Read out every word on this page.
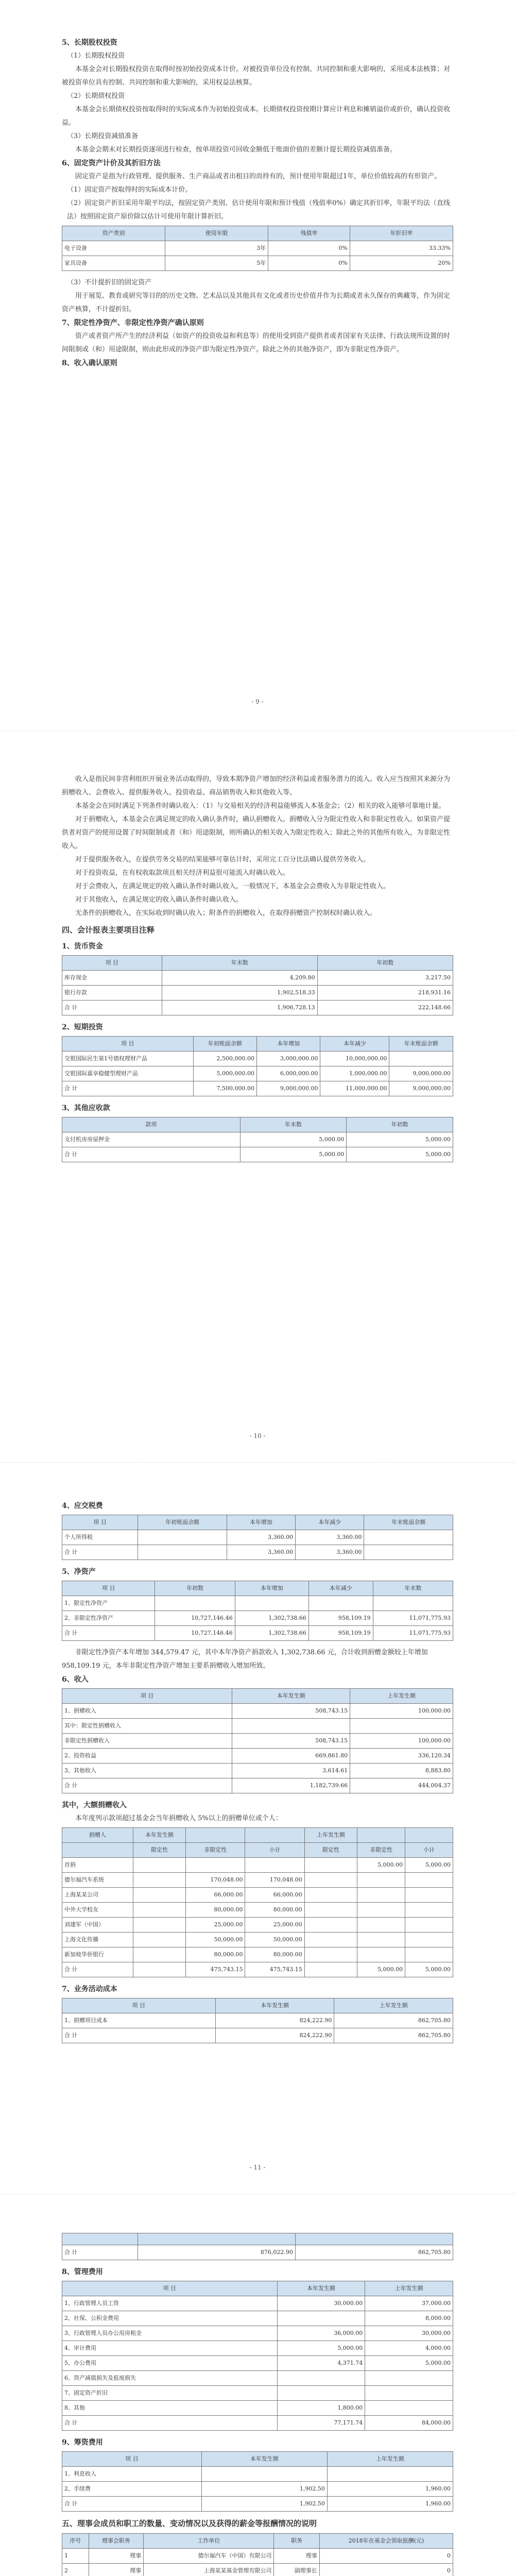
5、长期股权投资
（1）长期股权投资
本基金会对长期股权投资在取得时按初始投资成本计价。对被投资单位没有控制、共同控制和重大影响的，采用成本法核算；对被投资单位具有控制、共同控制和重大影响的，采用权益法核算。
（2）长期债权投资
本基金会长期债权投资按取得时的实际成本作为初始投资成本。长期债权投资按期计算应计利息和摊销溢价或折价，确认投资收益。
（3）长期投资减值准备
本基金会期末对长期投资逐项进行检查，按单项投资可回收金额低于账面价值的差额计提长期投资减值准备。
6、固定资产计价及其折旧方法
固定资产是指为行政管理、提供服务、生产商品或者出租目的而持有的，预计使用年限超过1年，单位价值较高的有形资产。
（1）固定资产按取得时的实际成本计价。
（2）固定资产折旧采用年限平均法，按固定资产类别、估计使用年限和预计残值（残值率0%）确定其折旧率，年限平均法（直线法）按照固定资产原价除以估计可使用年限计算折旧。
资产类别	使用年限	残值率	年折旧率
电子设备	3年	0%	33.33%
家具设备	5年	0%	20%
（3）不计提折旧的固定资产
用于展览、教育或研究等目的的历史文物、艺术品以及其他具有文化或者历史价值并作为长期或者永久保存的典藏等，作为固定资产核算，不计提折旧。
7、限定性净资产、非限定性净资产确认原则
资产或者资产所产生的经济利益（如资产的投资收益和利息等）的使用受到资产提供者或者国家有关法律、行政法规所设置的时间限制或（和）用途限制，则由此形成的净资产即为限定性净资产。除此之外的其他净资产，即为非限定性净资产。
8、收入确认原则
- 9 -
收入是指民间非营利组织开展业务活动取得的，导致本期净资产增加的经济利益或者服务潜力的流入。收入应当按照其来源分为捐赠收入、会费收入、提供服务收入、投资收益、商品销售收入和其他收入等。
本基金会在同时满足下列条件时确认收入：（1）与交易相关的经济利益能够流入本基金会；（2）相关的收入能够可靠地计量。
对于捐赠收入，本基金会在满足规定的收入确认条件时，确认捐赠收入。捐赠收入分为限定性收入和非限定性收入。如果资产提供者对资产的使用设置了时间限制或者（和）用途限制，则所确认的相关收入为限定性收入；除此之外的其他所有收入，为非限定性收入。
对于提供服务收入，在提供劳务交易的结果能够可靠估计时，采用完工百分比法确认提供劳务收入。
对于投资收益，在有权收取款项且相关经济利益很可能流入时确认收入。
对于会费收入，在满足规定的收入确认条件时确认收入，一般情况下，本基金会会费收入为非限定性收入。
对于其他收入，在满足规定的收入确认条件时确认收入。
无条件的捐赠收入，在实际收到时确认收入；附条件的捐赠收入，在取得捐赠资产控制权时确认收入。
四、会计报表主要项目注释
1、货币资金
项 目	年末数	年初数
库存现金	4,209.80	3,217.50
银行存款	1,902,518.33	218,931.16
合 计	1,906,728.13	222,148.66
2、短期投资
项 目	年初账面余额	本年增加	本年减少	年末账面余额
交银国际民生第1号债权理财产品	2,500,000.00	3,000,000.00	10,000,000.00	
交银国际嘉享稳健型理财产品	5,000,000.00	6,000,000.00	1,000,000.00	9,000,000.00
合 计	7,500,000.00	9,000,000.00	11,000,000.00	9,000,000.00
3、其他应收款
款项	年末数	年初数
支付机房房屋押金	5,000.00	5,000.00
合 计	5,000.00	5,000.00
- 10 -
4、应交税费
项 目	年初账面余额	本年增加	本年减少	年末账面余额
个人所得税		3,360.00	3,360.00	
合 计		3,360.00	3,360.00	
5、净资产
项 目	年初数	本年增加	本年减少	年末数
1、限定性净资产				
2、非限定性净资产	10,727,146.46	1,302,738.66	958,109.19	11,071,775.93
合 计	10,727,146.46	1,302,738.66	958,109.19	11,071,775.93
非限定性净资产本年增加 344,579.47 元，其中本年净资产捐款收入 1,302,738.66 元，合计收到捐赠金额较上年增加 958,109.19 元，本年非限定性净资产增加主要系捐赠收入增加所致。
6、收入
项 目	本年发生额	上年发生额
1、捐赠收入	508,743.15	100,000.00
其中：限定性捐赠收入		
非限定性捐赠收入	508,743.15	100,000.00
2、投资收益	669,861.80	336,120.34
3、其他收入	3,614.61	8,883.80
合 计	1,182,739.66	444,004.37
其中，大额捐赠收入
本年度列示款项超过基金会当年捐赠收入 5%以上的捐赠单位或个人：
捐赠人	本年发生额			上年发生额		
	限定性	非限定性	小计	限定性	非限定性	小计
首捐					5,000.00	5,000.00
德尔福汽车系统		170,048.00	170,048.00			
上海某某公司		66,000.00	66,000.00			
中外大学校友		80,000.00	80,000.00			
刘建军（中国）		25,000.00	25,000.00			
上海文化传播		50,000.00	50,000.00			
新加坡华侨银行		80,000.00	80,000.00			
合 计		475,743.15	475,743.15		5,000.00	5,000.00
7、业务活动成本
项 目	本年发生额	上年发生额
1、捐赠项目成本	824,222.90	862,705.80
合 计	824,222.90	862,705.80
- 11 -

合 计	876,022.90	862,705.80
8、管理费用
项 目	本年发生额	上年发生额
1、行政管理人员工资	30,000.00	37,000.00
2、社保、公积金费用		8,000.00
3、行政管理人员办公用房租金	36,000.00	30,000.00
4、审计费用	5,000.00	4,000.00
5、办公费用	4,371.74	5,000.00
6、资产减值损失及报废损失		
7、固定资产折旧		
8、其他	1,800.00	
合 计	77,171.74	84,000.00
9、筹资费用
项 目	本年发生额	上年发生额
1、利息收入		
2、手续费	1,902.50	1,960.00
合 计	1,902.50	1,960.00
五、理事会成员和职工的数量、变动情况以及获得的薪金等报酬情况的说明
序号	理事会职务	工作单位	职务	2018年在基金会领取报酬(元)
1	理事	德尔福汽车（中国）有限公司	理事	0
2	理事	上海某某基金管理有限公司	副理事长	0
